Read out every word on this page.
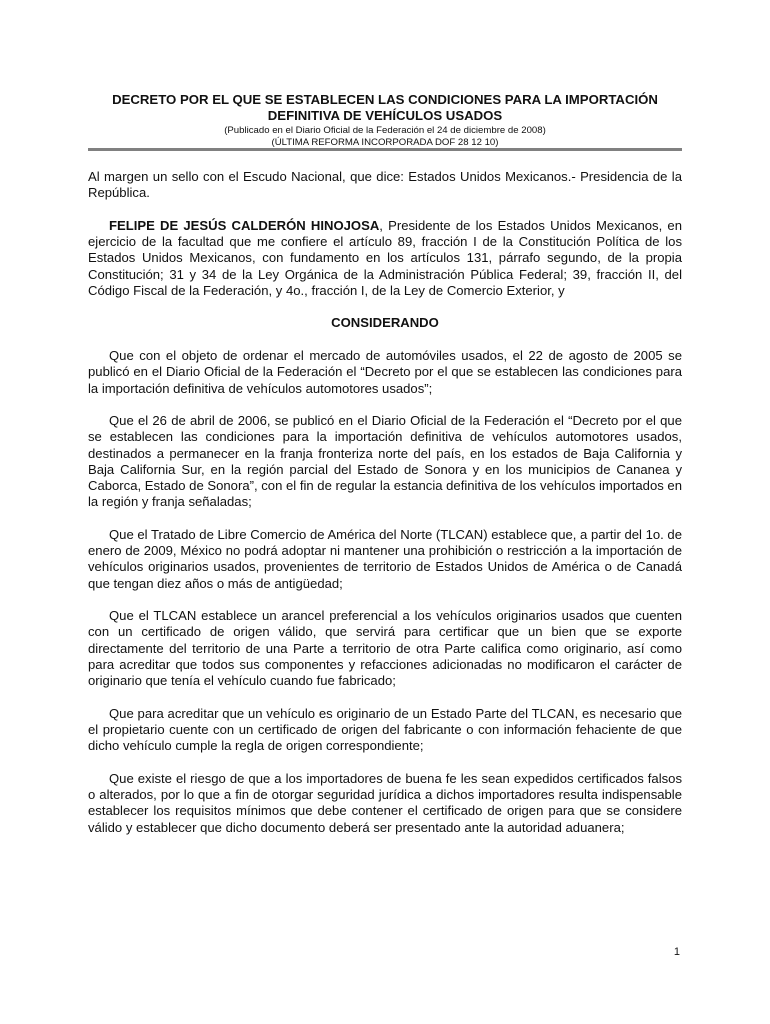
DECRETO POR EL QUE SE ESTABLECEN LAS CONDICIONES PARA LA IMPORTACIÓN

DEFINITIVA DE VEHÍCULOS USADOS

(Publicado en el Diario Oficial de la Federación el 24 de diciembre de 2008)

(ÚLTIMA REFORMA INCORPORADA DOF 28 12 10)

Al margen un sello con el Escudo Nacional, que dice: Estados Unidos Mexicanos.- Presidencia de la República.

FELIPE DE JESÚS CALDERÓN HINOJOSA, Presidente de los Estados Unidos Mexicanos, en ejercicio de la facultad que me confiere el artículo 89, fracción I de la Constitución Política de los Estados Unidos Mexicanos, con fundamento en los artículos 131, párrafo segundo, de la propia Constitución; 31 y 34 de la Ley Orgánica de la Administración Pública Federal; 39, fracción II, del Código Fiscal de la Federación, y 4o., fracción I, de la Ley de Comercio Exterior, y

CONSIDERANDO

Que con el objeto de ordenar el mercado de automóviles usados, el 22 de agosto de 2005 se publicó en el Diario Oficial de la Federación el “Decreto por el que se establecen las condiciones para la importación definitiva de vehículos automotores usados”;

Que el 26 de abril de 2006, se publicó en el Diario Oficial de la Federación el “Decreto por el que se establecen las condiciones para la importación definitiva de vehículos automotores usados, destinados a permanecer en la franja fronteriza norte del país, en los estados de Baja California y Baja California Sur, en la región parcial del Estado de Sonora y en los municipios de Cananea y Caborca, Estado de Sonora”, con el fin de regular la estancia definitiva de los vehículos importados en la región y franja señaladas;

Que el Tratado de Libre Comercio de América del Norte (TLCAN) establece que, a partir del 1o. de enero de 2009, México no podrá adoptar ni mantener una prohibición o restricción a la importación de vehículos originarios usados, provenientes de territorio de Estados Unidos de América o de Canadá que tengan diez años o más de antigüedad;

Que el TLCAN establece un arancel preferencial a los vehículos originarios usados que cuenten con un certificado de origen válido, que servirá para certificar que un bien que se exporte directamente del territorio de una Parte a territorio de otra Parte califica como originario, así como para acreditar que todos sus componentes y refacciones adicionadas no modificaron el carácter de originario que tenía el vehículo cuando fue fabricado;

Que para acreditar que un vehículo es originario de un Estado Parte del TLCAN, es necesario que el propietario cuente con un certificado de origen del fabricante o con información fehaciente de que dicho vehículo cumple la regla de origen correspondiente;

Que existe el riesgo de que a los importadores de buena fe les sean expedidos certificados falsos o alterados, por lo que a fin de otorgar seguridad jurídica a dichos importadores resulta indispensable establecer los requisitos mínimos que debe contener el certificado de origen para que se considere válido y establecer que dicho documento deberá ser presentado ante la autoridad aduanera;

1
